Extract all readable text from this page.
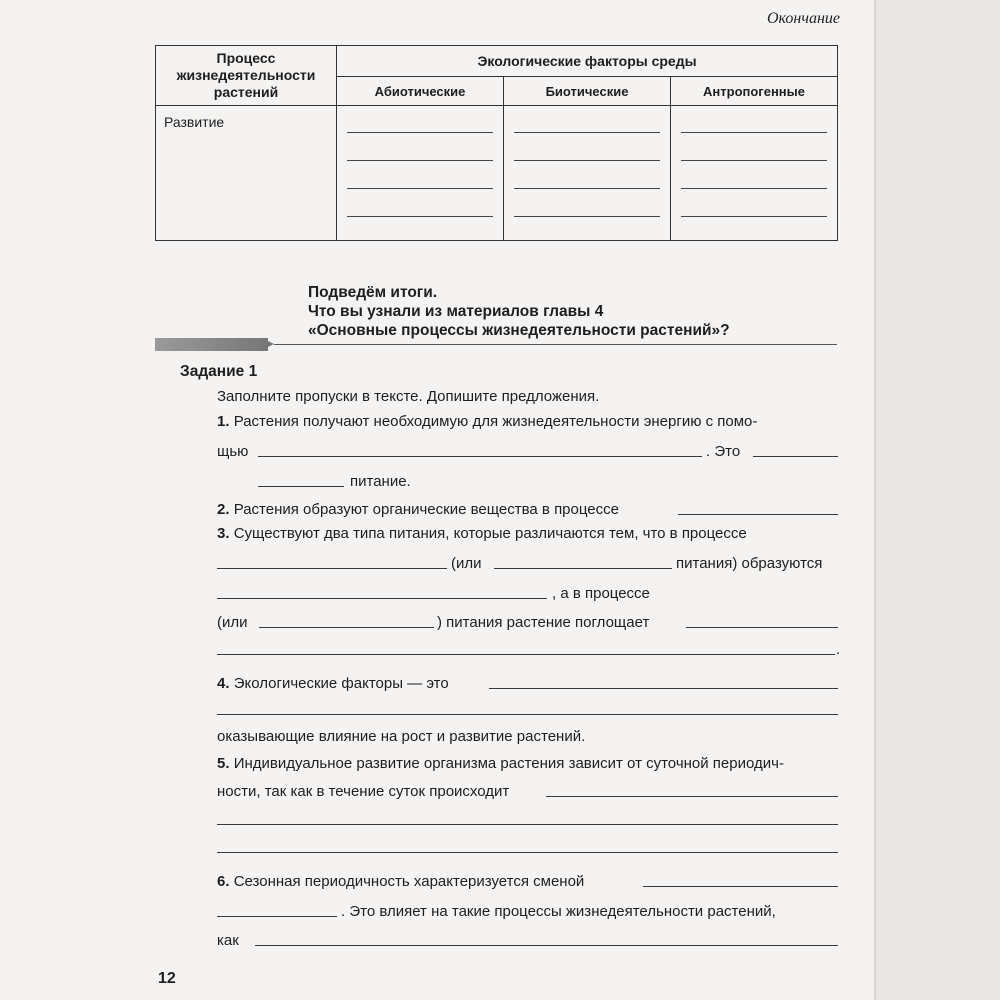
Окончание
Процесс жизнедеятельности растений	Экологические факторы среды		
	Абиотические	Биотические	Антропогенные
Развитие	

Подведём итоги.
Что вы узнали из материалов главы 4
«Основные процессы жизнедеятельности растений»?
Задание 1
Заполните пропуски в тексте. Допишите предложения.
1. Растения получают необходимую для жизнедеятельности энергию с помо-
щью	. Это
питание.
2. Растения образуют органические вещества в процессе
3. Существуют два типа питания, которые различаются тем, что в процессе
(или	питания) образуются
, а в процессе
(или	) питания растение поглощает
.
4. Экологические факторы — это
оказывающие влияние на рост и развитие растений.
5. Индивидуальное развитие организма растения зависит от суточной периодич-
ности, так как в течение суток происходит
6. Сезонная периодичность характеризуется сменой
. Это влияет на такие процессы жизнедеятельности растений,
как
12
